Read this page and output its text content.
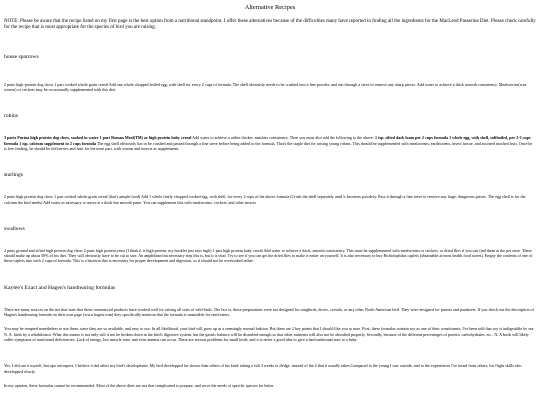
Alternative Recipes
NOTE: Please be aware that the recipe listed on my first page is the best option from a nutritional standpoint. I offer these alternatives because of the difficulties many have reported in finding all the ingredients for the MacLeod Passerine Diet. Please check carefully for the recipe that is most appropriate for the species of bird you are raising.
house sparrows
2 parts high-protein dog chow 1 part cooked whole grain cereal Add one whole chopped boiled egg, with shell for every 2 cups of formula. The shell obviously needs to be crushed into a fine powder, and run through a sieve to remove any sharp pieces. Add water to achieve a thick smooth consistency. Mealworms(wax worms) or crickets may be occasionally supplemented with this diet.
robins
3 parts Purina high protein dog chow, soaked in water 1 part Roman Meal(TM) or high protein baby cereal Add water to achieve a rather thicker, mushier consistency. Then you must also add the following to the above: 1 tsp. sifted dark loam per 2 cups formula 1 whole egg, with shell, softboiled, per 2-3 cups formula 1 tsp. calcium supplement to 2 cups formula The egg shell obviously has to be crushed and passed through a fine sieve before being added to the formula. That's the staple diet for raising young robins. This should be supplemented with mealworms, earthworms, insect larvae, and assorted mashed fruit. Once he is free feeding, he should be fed berries and fruit for the most part, with worms and insects as supplements.
starlings
2 parts high protein dog chow 1 part cooked whole grain cereal (that's people food) Add 1 whole finely chopped cooked egg, with shell, for every 2 cups of the above formula (Crush the shell separately until it becomes powdery. Pass it through a fine sieve to remove any large, dangerous pieces. The egg shell is for the calcium the bird needs) Add water as necessary to arrive at a thick but smooth paste. You can supplement this with mealworms, crickets, and other insects
swallows
2 parts ground and sifted high protein dog chow 2 parts high protein yeast (I think it is high protein. my booklet just says high) 1 part high protein baby cereal Add water to achieve a thick, smooth consistency. This must be supplemented with mealworms or crickets, or dried flies if you can find them at the pet store. These should make up about 50% of his diet. They will obviously have to be cut to size. An amphibian but necessary step this is, but it is vital. Try to see if you can get the dried flies to make it easier on yourself. It is also necessary to buy Richidophilus caplets (obtainable at most health food stores). Empty the contents of one of these caplets into each 2 cups of formula. This is a bacteria that is necessary for proper development and digestion, so it should not be overlooked either.
Kaytee's Exact and Hagen's handrearing formulas
There are many sources on the net that state that these commercial products have worked well for raising all sorts of wild birds. The fact is, these preparations were not designed for songbirds, doves, corvids, or any other North American bird. They were designed for parrots and parakeets. If you check out the description of Hagen's handrearing formula on their own page (www.hagen.com) they specifically mention that the formula is unsuitable for seed eaters.
You may be tempted nonetheless to use them, since they are so available, and easy to use. In all likelihood, your bird will grow up in a seemingly normal fashion. But there are 2 key points that I should like you to note. First, these formulas contain soy as one of their constituents. I've been told that soy is indigestible by our N. A. birds by a rehabilitator. What this means is not only will it not be broken down in the bird's digestive system, but the gastric balance will be disturbed enough so that other nutrients will also not be absorbed properly. Secondly, because of the different percentages of protein, carbohydrates, etc., N. A birds will likely suffer symptoms of nutritional deficiencies. Lack of energy, low muscle tone, and even anemia can occur. These are serious problems for small birds, and it is never a good idea to give a bad nutritional start to a baby.
Yes, I did use it myself, but upo retrospect, I believe it did affect my bird's development. My bird developped far slower than others of his kind, taking a full 3 weeks to fledge, instead of the 2 that it usually takes.Compared to the young I saw outside, and to the experiences I've heard from others, his flight skills also developped slowly.
In my opinion, these formulas cannot be recommended. Most of the above diets are not that complicated to prepare, and serve the needs of specific species far better.
